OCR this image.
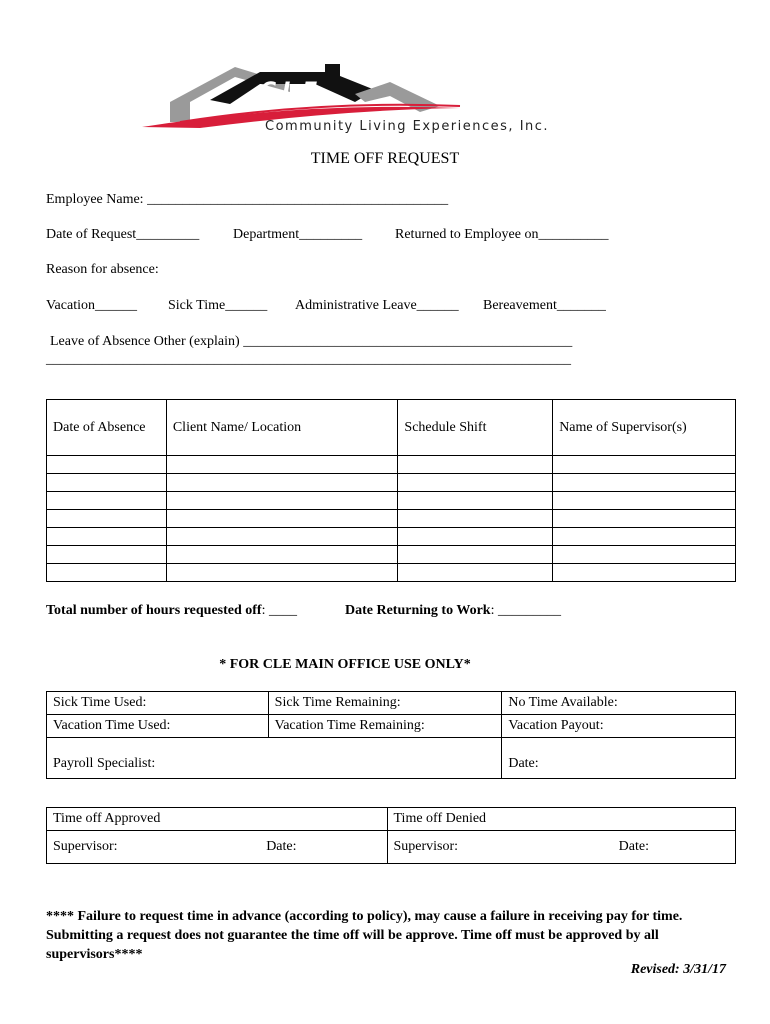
CLE
Community Living Experiences, Inc.
TIME OFF REQUEST
Employee Name: ___________________________________________
Date of Request_________ Department_________ Returned to Employee on__________
Reason for absence:
Vacation______ Sick Time______ Administrative Leave______ Bereavement_______
Leave of Absence Other (explain) _______________________________________________
___________________________________________________________________________
Date of Absence	Client Name/ Location	Schedule Shift	Name of Supervisor(s)

Total number of hours requested off: ____	Date Returning to Work: _________
* FOR CLE MAIN OFFICE USE ONLY*
Sick Time Used:	Sick Time Remaining:	No Time Available:
Vacation Time Used:	Vacation Time Remaining:	Vacation Payout:
Payroll Specialist:		Date:
Time off Approved		Time off Denied	
Supervisor:	Date:	Supervisor:	Date:
**** Failure to request time in advance (according to policy), may cause a failure in receiving pay for time. Submitting a request does not guarantee the time off will be approve. Time off must be approved by all supervisors****
Revised: 3/31/17
